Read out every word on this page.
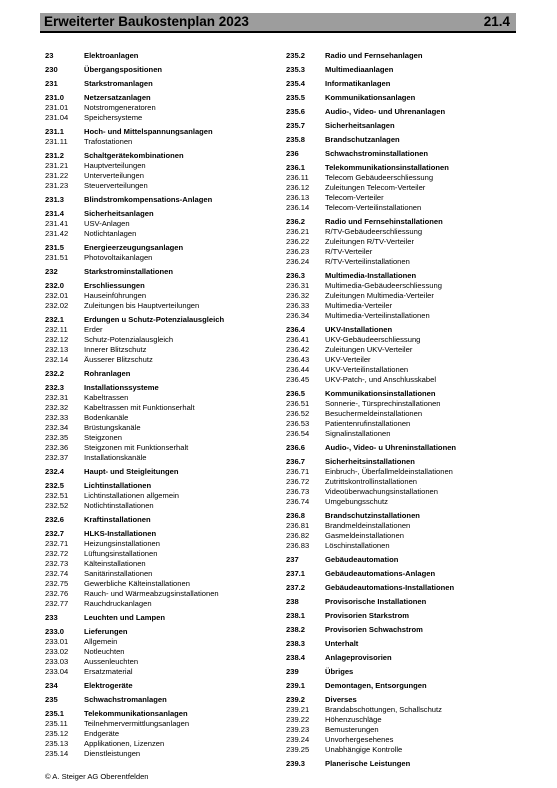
Erweiterter Baukostenplan 2023	21.4
23	Elektroanlagen
230	Übergangspositionen
231	Starkstromanlagen
231.0	Netzersatzanlagen
231.01 Notstromgeneratoren
231.04 Speichersysteme
231.1	Hoch- und Mittelspannungsanlagen
231.11 Trafostationen
231.2	Schaltgerätekombinationen
231.21 Hauptverteilungen
231.22 Unterverteilungen
231.23 Steuerverteilungen
231.3	Blindstromkompensations-Anlagen
231.4	Sicherheitsanlagen
231.41 USV-Anlagen
231.42 Notlichtanlagen
231.5	Energieerzeugungsanlagen
231.51 Photovoltaikanlagen
232	Starkstrominstallationen
232.0	Erschliessungen
232.01 Hauseinführungen
232.02 Zuleitungen bis Hauptverteilungen
232.1	Erdungen u Schutz-Potenzialausgleich
232.11 Erder
232.12 Schutz-Potenzialausgleich
232.13 Innerer Blitzschutz
232.14 Äusserer Blitzschutz
232.2	Rohranlagen
232.3	Installationssysteme
232.31 Kabeltrassen
232.32 Kabeltrassen mit Funktionserhalt
232.33 Bodenkanäle
232.34 Brüstungskanäle
232.35 Steigzonen
232.36 Steigzonen mit Funktionserhalt
232.37 Installationskanäle
232.4	Haupt- und Steigleitungen
232.5	Lichtinstallationen
232.51 Lichtinstallationen allgemein
232.52 Notlichtinstallationen
232.6	Kraftinstallationen
232.7	HLKS-Installationen
232.71 Heizungsinstallationen
232.72 Lüftungsinstallationen
232.73 Kälteinstallationen
232.74 Sanitärinstallationen
232.75 Gewerbliche Kälteinstallationen
232.76 Rauch- und Wärmeabzugsinstallationen
232.77 Rauchdruckanlagen
233	Leuchten und Lampen
233.0	Lieferungen
233.01 Allgemein
233.02 Notleuchten
233.03 Aussenleuchten
233.04 Ersatzmaterial
234	Elektrogeräte
235	Schwachstromanlagen
235.1	Telekommunikationsanlagen
235.11 Teilnehmervermittlungsanlagen
235.12 Endgeräte
235.13 Applikationen, Lizenzen
235.14 Dienstleistungen
235.2	Radio und Fernsehanlagen
235.3	Multimediaanlagen
235.4	Informatikanlagen
235.5	Kommunikationsanlagen
235.6	Audio-, Video- und Uhrenanlagen
235.7	Sicherheitsanlagen
235.8	Brandschutzanlagen
236	Schwachstrominstallationen
236.1	Telekommunikationsinstallationen
236.11 Telecom Gebäudeerschliessung
236.12 Zuleitungen Telecom-Verteiler
236.13 Telecom-Verteiler
236.14 Telecom-Verteilinstallationen
236.2	Radio und Fernsehinstallationen
236.21 R/TV-Gebäudeerschliessung
236.22 Zuleitungen R/TV-Verteiler
236.23 R/TV-Verteiler
236.24 R/TV-Verteilinstallationen
236.3	Multimedia-Installationen
236.31 Multimedia-Gebäudeerschliessung
236.32 Zuleitungen Multimedia-Verteiler
236.33 Multimedia-Verteiler
236.34 Multimedia-Verteilinstallationen
236.4	UKV-Installationen
236.41 UKV-Gebäudeerschliessung
236.42 Zuleitungen UKV-Verteiler
236.43 UKV-Verteiler
236.44 UKV-Verteilinstallationen
236.45 UKV-Patch-, und Anschlusskabel
236.5	Kommunikationsinstallationen
236.51 Sonnerie-, Türsprechinstallationen
236.52 Besuchermeldeinstallationen
236.53 Patientenrufinstallationen
236.54 Signalinstallationen
236.6	Audio-, Video- u Uhreninstallationen
236.7	Sicherheitsinstallationen
236.71 Einbruch-, Überfallmeldeinstallationen
236.72 Zutrittskontrollinstallationen
236.73 Videoüberwachungsinstallationen
236.74 Umgebungsschutz
236.8	Brandschutzinstallationen
236.81 Brandmeldeinstallationen
236.82 Gasmeldeinstallationen
236.83 Löschinstallationen
237	Gebäudeautomation
237.1	Gebäudeautomations-Anlagen
237.2	Gebäudeautomations-Installationen
238	Provisorische Installationen
238.1	Provisorien Starkstrom
238.2	Provisorien Schwachstrom
238.3	Unterhalt
238.4	Anlageprovisorien
239	Übriges
239.1	Demontagen, Entsorgungen
239.2	Diverses
239.21 Brandabschottungen, Schallschutz
239.22 Höhenzuschläge
239.23 Bemusterungen
239.24 Unvorhergesehenes
239.25 Unabhängige Kontrolle
239.3	Planerische Leistungen
© A. Steiger AG Oberentfelden
